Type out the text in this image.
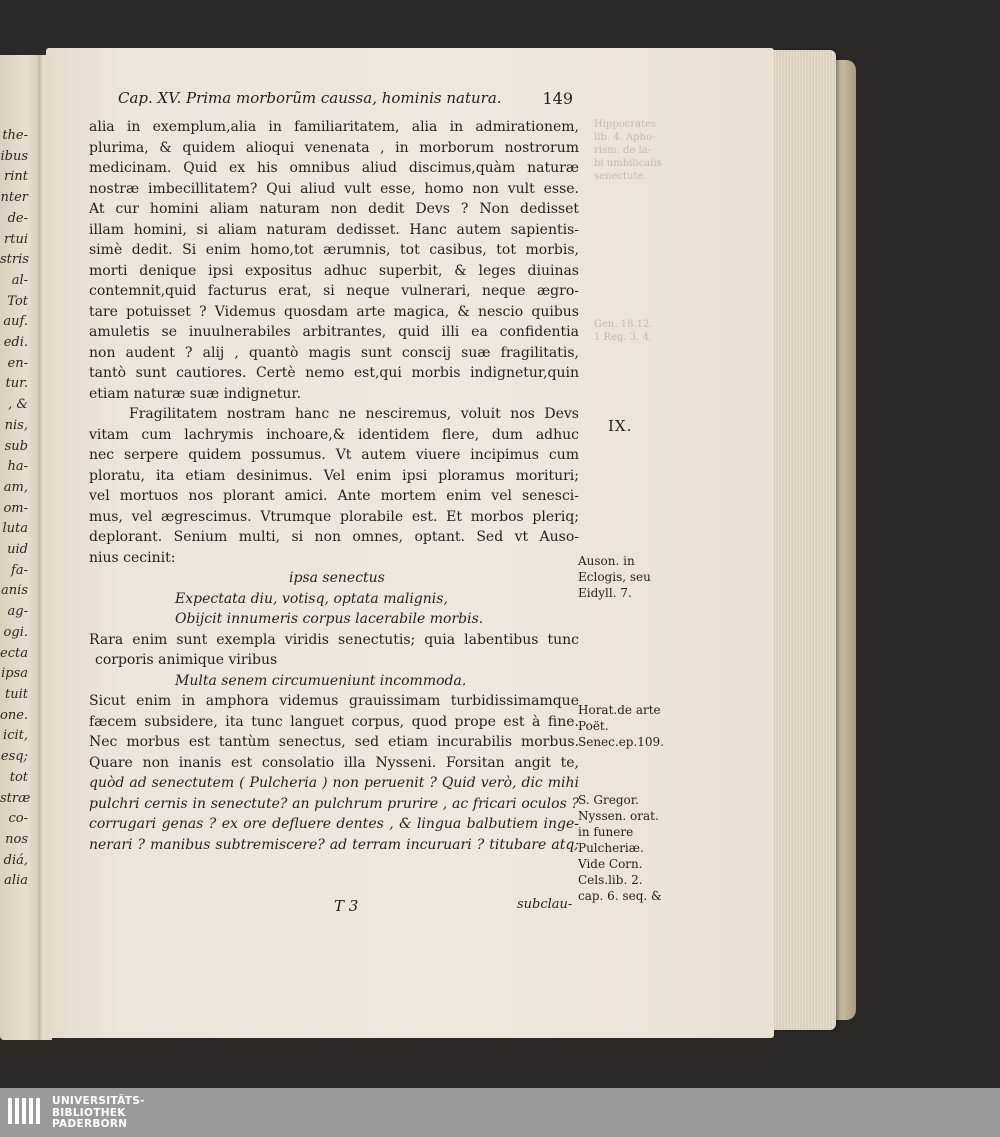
the-
ibus
rint
nter
de-
rtui
stris
al-
Tot
auf.
edi.
en-
tur.
, &
nis,
sub
ha-
am,
om-
luta
uid
fa-
anis
ag-
ogi.
ecta
ipsa
tuit
one.
icit,
esq;
tot
stræ
co-
nos
diá,
alia
Hippocrates
lib. 4. Apho-
rism. de la-
bi umbilicalis
senectute.
Gen. 18.12.
1 Reg. 3. 4.
Cap. XV. Prima morborũm caussa, hominis natura.	149
alia in exemplum,alia in familiaritatem, alia in admirationem,
plurima, & quidem alioqui venenata , in morborum nostrorum
medicinam. Quid ex his omnibus aliud discimus,quàm naturæ
nostræ imbecillitatem? Qui aliud vult esse, homo non vult esse.
At cur homini aliam naturam non dedit Devs ? Non dedisset
illam homini, si aliam naturam dedisset. Hanc autem sapientis-
simè dedit. Si enim homo,tot ærumnis, tot casibus, tot morbis,
morti denique ipsi expositus adhuc superbit, & leges diuinas
contemnit,quid facturus erat, si neque vulnerari, neque ægro-
tare potuisset ? Videmus quosdam arte magica, & nescio quibus
amuletis se inuulnerabiles arbitrantes, quid illi ea confidentia
non audent ? alij , quantò magis sunt conscij suæ fragilitatis,
tantò sunt cautiores. Certè nemo est,qui morbis indignetur,quin
etiam naturæ suæ indignetur.
Fragilitatem nostram hanc ne nesciremus, voluit nos Devs
vitam cum lachrymis inchoare,& identidem flere, dum adhuc
nec serpere quidem possumus. Vt autem viuere incipimus cum
ploratu, ita etiam desinimus. Vel enim ipsi ploramus morituri;
vel mortuos nos plorant amici. Ante mortem enim vel senesci-
mus, vel ægrescimus. Vtrumque plorabile est. Et morbos pleriq;
deplorant. Senium multi, si non omnes, optant. Sed vt Auso-
nius cecinit:
ipsa senectus
Expectata diu, votisq, optata malignis,
Obijcit innumeris corpus lacerabile morbis.
Rara enim sunt exempla viridis senectutis; quia labentibus tunc
corporis animique viribus
Multa senem circumueniunt incommoda.
Sicut enim in amphora videmus grauissimam turbidissimamque
fæcem subsidere, ita tunc languet corpus, quod prope est à fine.
Nec morbus est tantùm senectus, sed etiam incurabilis morbus.
Quare non inanis est consolatio illa Nysseni. Forsitan angit te,
quòd ad senectutem ( Pulcheria ) non peruenit ? Quid verò, dic mihi
pulchri cernis in senectute? an pulchrum prurire , ac fricari oculos ?
corrugari genas ? ex ore defluere dentes , & lingua balbutiem inge-
nerari ? manibus subtremiscere? ad terram incuruari ? titubare atq;
IX.
Auson. in
Eclogis, seu
Eidyll. 7.
Horat.de arte
Poët.
Senec.ep.109.
S. Gregor.
Nyssen. orat.
in funere
Pulcheriæ.
Vide Corn.
Cels.lib. 2.
cap. 6. seq. &
T 3	subclau-
UNIVERSITÄTS-
BIBLIOTHEK
PADERBORN
